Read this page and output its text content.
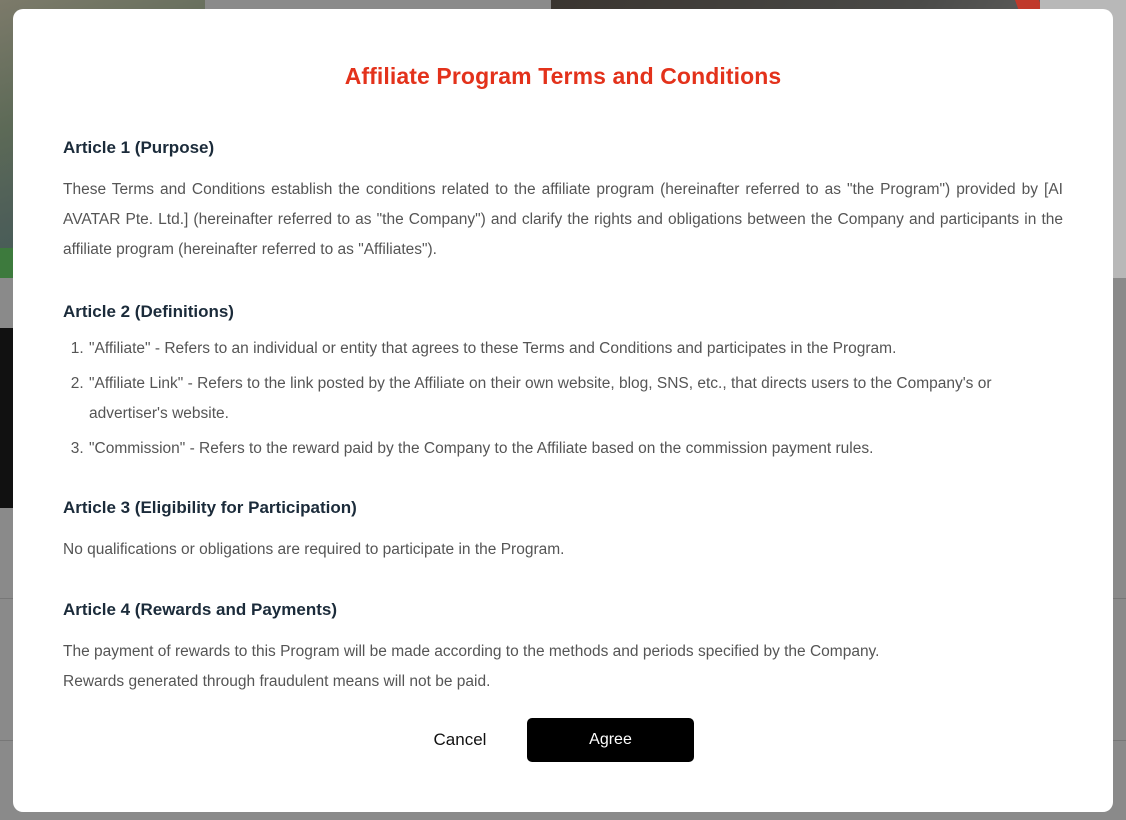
Affiliate Program Terms and Conditions
Article 1 (Purpose)

These Terms and Conditions establish the conditions related to the affiliate program (hereinafter referred to as "the Program") provided by [AI AVATAR Pte. Ltd.] (hereinafter referred to as "the Company") and clarify the rights and obligations between the Company and participants in the affiliate program (hereinafter referred to as "Affiliates").

Article 2 (Definitions)
1. "Affiliate" - Refers to an individual or entity that agrees to these Terms and Conditions and participates in the Program.
2. "Affiliate Link" - Refers to the link posted by the Affiliate on their own website, blog, SNS, etc., that directs users to the Company's or advertiser's website.
3. "Commission" - Refers to the reward paid by the Company to the Affiliate based on the commission payment rules.
Article 3 (Eligibility for Participation)

No qualifications or obligations are required to participate in the Program.

Article 4 (Rewards and Payments)

The payment of rewards to this Program will be made according to the methods and periods specified by the Company.
Rewards generated through fraudulent means will not be paid.

Cancel	Agree
